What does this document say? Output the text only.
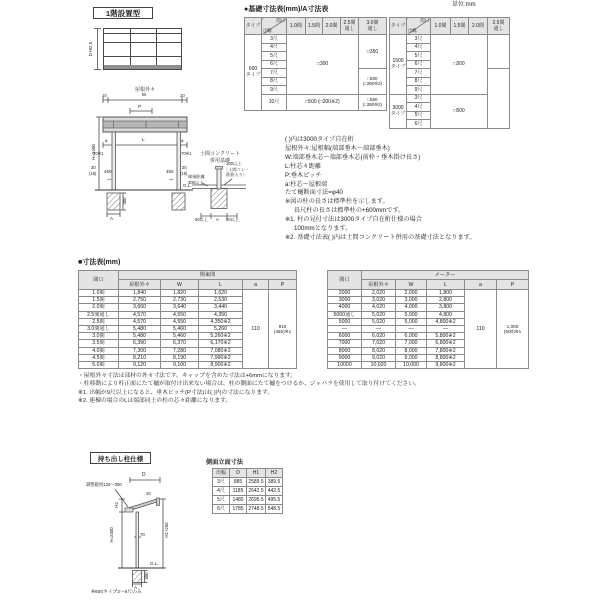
1階設置型
D+82.5
屋根外々
10	W	10
P
a	L	a
H=2400
70※1	70※1
30
(16) 450
⇔
450
30
(16)
⇔
G.L.
A
300
土間コンクリート
併用基礎
縁端距離
300以上
100以上
〈土間コン・
鉄筋入り〉
50以上 A 50以上
●基礎寸法表(mm)/A寸法表
単位:mm
タイプ	
間口
出幅
	1.0間	1.5間	2.0間	2.5間
通し

3.0間
通し

600
タイプ	3尺	□300				□350
	4尺					
	5尺					
	6尺					
	7尺					□500
(□300※2)

	8尺					
	9尺					
	10尺	□500 (□300※2)				□550
(□350※2)
タイプ	
間口
出幅
	1.0間	1.5間	2.0間	2.5間
通し

1500
タイプ	3尺	□300			
	4尺				
	5尺				
	6尺				
	7尺				
	8尺				
	9尺				

3000
タイプ	3尺	□500			
	4尺				
	5尺				
	6尺				
( )内は3000タイプ自在桁
屋根外々:屋根幅(端部垂木〜端部垂木)
W:端部垂木芯〜端部垂木芯(前枠・垂木掛け長さ)
L:柱芯々距離
P:垂木ピッチ
a:柱芯〜屋根端
たて樋断面寸法=φ40
※図の柱の長さは標準柱を示します。
長尺柱の長さは標準柱の+600mmです。
※1. 柱の見付寸法は3000タイプ自在桁仕様の場合
100mmとなります。
※2. 基礎寸法表( )内は土間コンクリート併用の基礎寸法となります。
■寸法表(mm)
間口	関東間				
	屋根外々	W	L	a	P
1.0間	1,840	1,820	1,620	110	910
(455)※1

1.5間	2,750	2,730	2,530		
2.0間	3,660	3,640	3,440		
2.5間通し	4,570	4,550	4,350		
2.5間	4,570	4,550	4,350※2		
3.0間通し	5,480	5,460	5,260		
3.0間	5,480	5,460	5,260※2		
3.5間	6,390	6,370	6,170※2		
4.0間	7,300	7,280	7,080※2		
4.5間	8,210	8,190	7,990※2		
5.0間	9,120	9,100	8,900※2		
間口	メーター				
	屋根外々	W	L	a	P
2000	2,020	2,000	1,800	110	1,000
(500)※1

3000	3,020	3,000	2,800		
4000	4,020	4,000	3,800		
5000通し	5,020	5,000	4,800		
5000	5,020	5,000	4,800※2		
—	—	—	—		
6000	6,020	6,000	5,800※2		
7000	7,020	7,000	6,800※2		
8000	8,020	8,000	7,800※2		
9000	9,020	9,000	8,800※2		
10000	10,020	10,000	9,800※2		
・屋根外々寸法は部材の外々寸法です。キャップを含めた寸法は+6mmになります。
・柱移動により柱正面にたて樋が取付け出来ない場合は、柱の側面にたて樋をつけるか、ジャバラを使用して取り付けてください。
※1. 出幅が9尺以上になると、垂木ピッチ(P寸法)は( )内の寸法になります。
※2. 連棟の場合のLは端部同士の柱の芯々距離になります。
持ち出し柱仕様
調整範囲120〜300
D
10
H2
H=2400	70
G.L.
A
300
H1+250
※600タイプ3〜6尺のみ
側面立面寸法
出幅	D	H1	H2
3尺	885	2589.5	389.5
4尺	1185	2642.5	442.5
5尺	1485	2695.5	495.5
6尺	1785	2748.5	548.5
